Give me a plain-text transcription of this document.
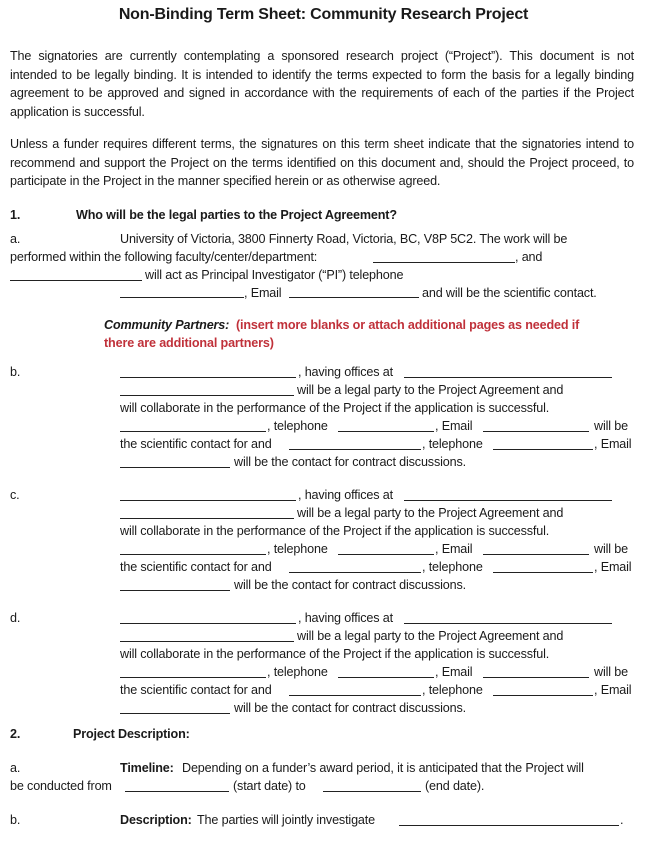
Non-Binding Term Sheet: Community Research Project
The signatories are currently contemplating a sponsored research project (“Project”). This document is not intended to be legally binding. It is intended to identify the terms expected to form the basis for a legally binding agreement to be approved and signed in accordance with the requirements of each of the parties if the Project application is successful.
Unless a funder requires different terms, the signatures on this term sheet indicate that the signatories intend to recommend and support the Project on the terms identified on this document and, should the Project proceed, to participate in the Project in the manner specified herein or as otherwise agreed.
1.	Who will be the legal parties to the Project Agreement?
a.	University of Victoria, 3800 Finnerty Road, Victoria, BC, V8P 5C2. The work will be
performed within the following faculty/center/department:	, and
will act as Principal Investigator (“PI”) telephone
, Email	and will be the scientific contact.
Community Partners: (insert more blanks or attach additional pages as needed if
there are additional partners)
b.	, having offices at
will be a legal party to the Project Agreement and
will collaborate in the performance of the Project if the application is successful.
, telephone	, Email	will be
the scientific contact for and	, telephone	, Email
will be the contact for contract discussions.
c.	, having offices at
will be a legal party to the Project Agreement and
will collaborate in the performance of the Project if the application is successful.
, telephone	, Email	will be
the scientific contact for and	, telephone	, Email
will be the contact for contract discussions.
d.	, having offices at
will be a legal party to the Project Agreement and
will collaborate in the performance of the Project if the application is successful.
, telephone	, Email	will be
the scientific contact for and	, telephone	, Email
will be the contact for contract discussions.
2.	Project Description:
a.	Timeline: Depending on a funder’s award period, it is anticipated that the Project will
be conducted from	(start date) to	(end date).
b.	Description: The parties will jointly investigate	.
